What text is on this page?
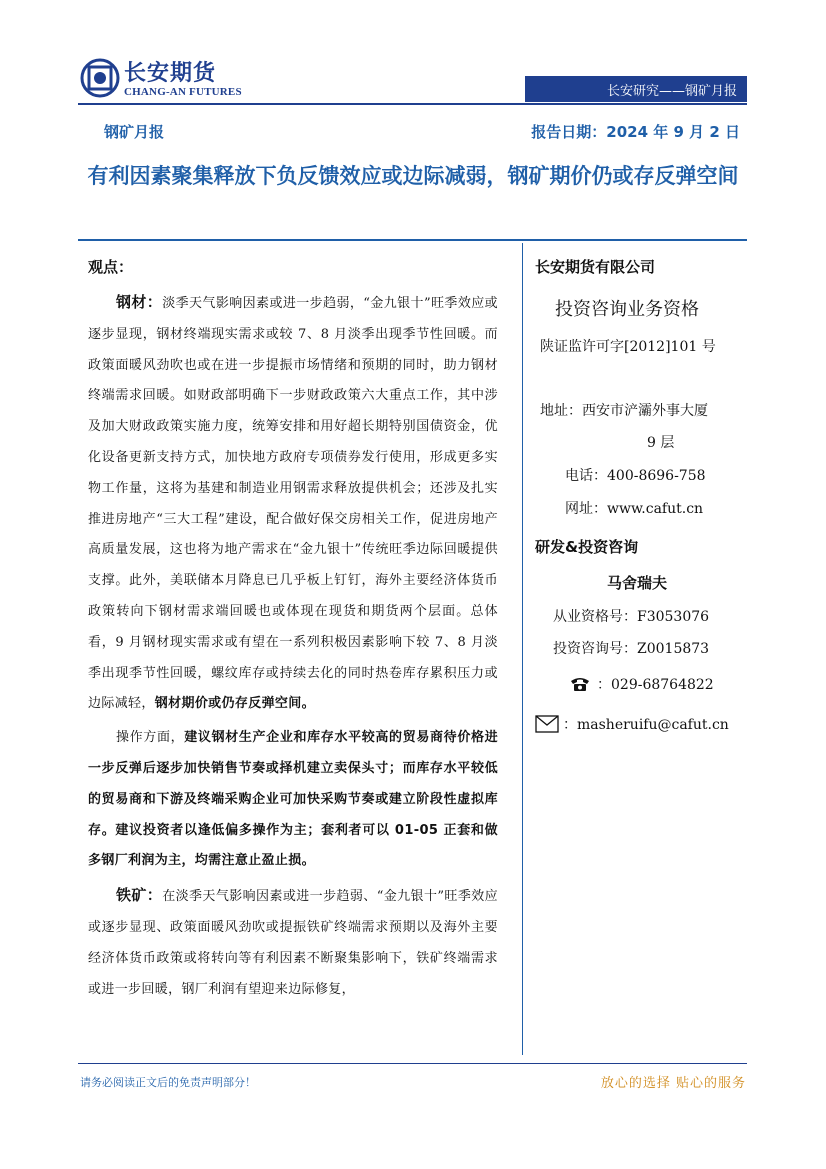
长安期货
CHANG-AN FUTURES	长安研究——钢矿月报
钢矿月报	报告日期：2024 年 9 月 2 日
有利因素聚集释放下负反馈效应或边际减弱，钢矿期价仍或存反弹空间

观点：

钢材：淡季天气影响因素或进一步趋弱，“金九银十”旺季效应或逐步显现，钢材终端现实需求或较 7、8 月淡季出现季节性回暖。而政策面暖风劲吹也或在进一步提振市场情绪和预期的同时，助力钢材终端需求回暖。如财政部明确下一步财政政策六大重点工作，其中涉及加大财政政策实施力度，统筹安排和用好超长期特别国债资金，优化设备更新支持方式，加快地方政府专项债券发行使用，形成更多实物工作量，这将为基建和制造业用钢需求释放提供机会；还涉及扎实推进房地产“三大工程”建设，配合做好保交房相关工作，促进房地产高质量发展，这也将为地产需求在“金九银十”传统旺季边际回暖提供支撑。此外，美联储本月降息已几乎板上钉钉，海外主要经济体货币政策转向下钢材需求端回暖也或体现在现货和期货两个层面。总体看，9 月钢材现实需求或有望在一系列积极因素影响下较 7、8 月淡季出现季节性回暖，螺纹库存或持续去化的同时热卷库存累积压力或边际减轻，钢材期价或仍存反弹空间。

操作方面，建议钢材生产企业和库存水平较高的贸易商待价格进一步反弹后逐步加快销售节奏或择机建立卖保头寸；而库存水平较低的贸易商和下游及终端采购企业可加快采购节奏或建立阶段性虚拟库存。建议投资者以逢低偏多操作为主；套利者可以 01-05 正套和做多钢厂利润为主，均需注意止盈止损。

铁矿：在淡季天气影响因素或进一步趋弱、“金九银十”旺季效应或逐步显现、政策面暖风劲吹或提振铁矿终端需求预期以及海外主要经济体货币政策或将转向等有利因素不断聚集影响下，铁矿终端需求或进一步回暖，钢厂利润有望迎来边际修复，

长安期货有限公司
投资咨询业务资格
陕证监许可字[2012]101 号
地址：西安市浐灞外事大厦
9 层
电话：400-8696-758
网址：www.cafut.cn
研发&投资咨询
马舍瑞夫
从业资格号：F3053076
投资咨询号：Z0015873
：029-68764822
：masheruifu@cafut.cn
请务必阅读正文后的免责声明部分！	放心的选择 贴心的服务
